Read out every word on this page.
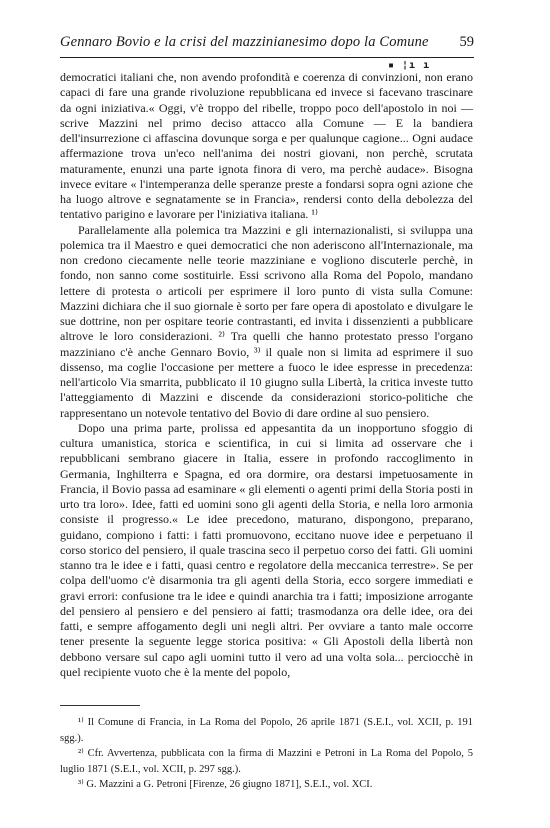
Gennaro Bovio e la crisi del mazzinianesimo dopo la Comune 59
▪ ¦ı ı

democratici italiani che, non avendo profondità e coerenza di convinzioni, non erano capaci di fare una grande rivoluzione repubblicana ed invece si facevano trascinare da ogni iniziativa.« Oggi, v'è troppo del ribelle, troppo poco dell'apostolo in noi — scrive Mazzini nel primo deciso attacco alla Comune — E la bandiera dell'insurrezione ci affascina dovunque sorga e per qualunque cagione... Ogni audace affermazione trova un'eco nell'anima dei nostri giovani, non perchè, scrutata maturamente, enunzi una parte ignota finora di vero, ma perchè audace». Bisogna invece evitare « l'intemperanza delle speranze preste a fondarsi sopra ogni azione che ha luogo altrove e segnatamente se in Francia», rendersi conto della debolezza del tentativo parigino e lavorare per l'iniziativa italiana. ¹⁾

Parallelamente alla polemica tra Mazzini e gli internazionalisti, si sviluppa una polemica tra il Maestro e quei democratici che non aderiscono all'Internazionale, ma non credono ciecamente nelle teorie mazziniane e vogliono discuterle perchè, in fondo, non sanno come sostituirle. Essi scrivono alla Roma del Popolo, mandano lettere di protesta o articoli per esprimere il loro punto di vista sulla Comune: Mazzini dichiara che il suo giornale è sorto per fare opera di apostolato e divulgare le sue dottrine, non per ospitare teorie contrastanti, ed invita i dissenzienti a pubblicare altrove le loro considerazioni. ²⁾ Tra quelli che hanno protestato presso l'organo mazziniano c'è anche Gennaro Bovio, ³⁾ il quale non si limita ad esprimere il suo dissenso, ma coglie l'occasione per mettere a fuoco le idee espresse in precedenza: nell'articolo Via smarrita, pubblicato il 10 giugno sulla Libertà, la critica investe tutto l'atteggiamento di Mazzini e discende da considerazioni storico-politiche che rappresentano un notevole tentativo del Bovio di dare ordine al suo pensiero.

Dopo una prima parte, prolissa ed appesantita da un inopportuno sfoggio di cultura umanistica, storica e scientifica, in cui si limita ad osservare che i repubblicani sembrano giacere in Italia, essere in profondo raccoglimento in Germania, Inghilterra e Spagna, ed ora dormire, ora destarsi impetuosamente in Francia, il Bovio passa ad esaminare « gli elementi o agenti primi della Storia posti in urto tra loro». Idee, fatti ed uomini sono gli agenti della Storia, e nella loro armonia consiste il progresso.« Le idee precedono, maturano, dispongono, preparano, guidano, compiono i fatti: i fatti promuovono, eccitano nuove idee e perpetuano il corso storico del pensiero, il quale trascina seco il perpetuo corso dei fatti. Gli uomini stanno tra le idee e i fatti, quasi centro e regolatore della meccanica terrestre». Se per colpa dell'uomo c'è disarmonia tra gli agenti della Storia, ecco sorgere immediati e gravi errori: confusione tra le idee e quindi anarchia tra i fatti; imposizione arrogante del pensiero al pensiero e del pensiero ai fatti; trasmodanza ora delle idee, ora dei fatti, e sempre affogamento degli uni negli altri. Per ovviare a tanto male occorre tener presente la seguente legge storica positiva: « Gli Apostoli della libertà non debbono versare sul capo agli uomini tutto il vero ad una volta sola... perciocchè in quel recipiente vuoto che è la mente del popolo,

¹⁾ Il Comune di Francia, in La Roma del Popolo, 26 aprile 1871 (S.E.I., vol. XCII, p. 191 sgg.).

²⁾ Cfr. Avvertenza, pubblicata con la firma di Mazzini e Petroni in La Roma del Popolo, 5 luglio 1871 (S.E.I., vol. XCII, p. 297 sgg.).

³⁾ G. Mazzini a G. Petroni [Firenze, 26 giugno 1871], S.E.I., vol. XCI.
